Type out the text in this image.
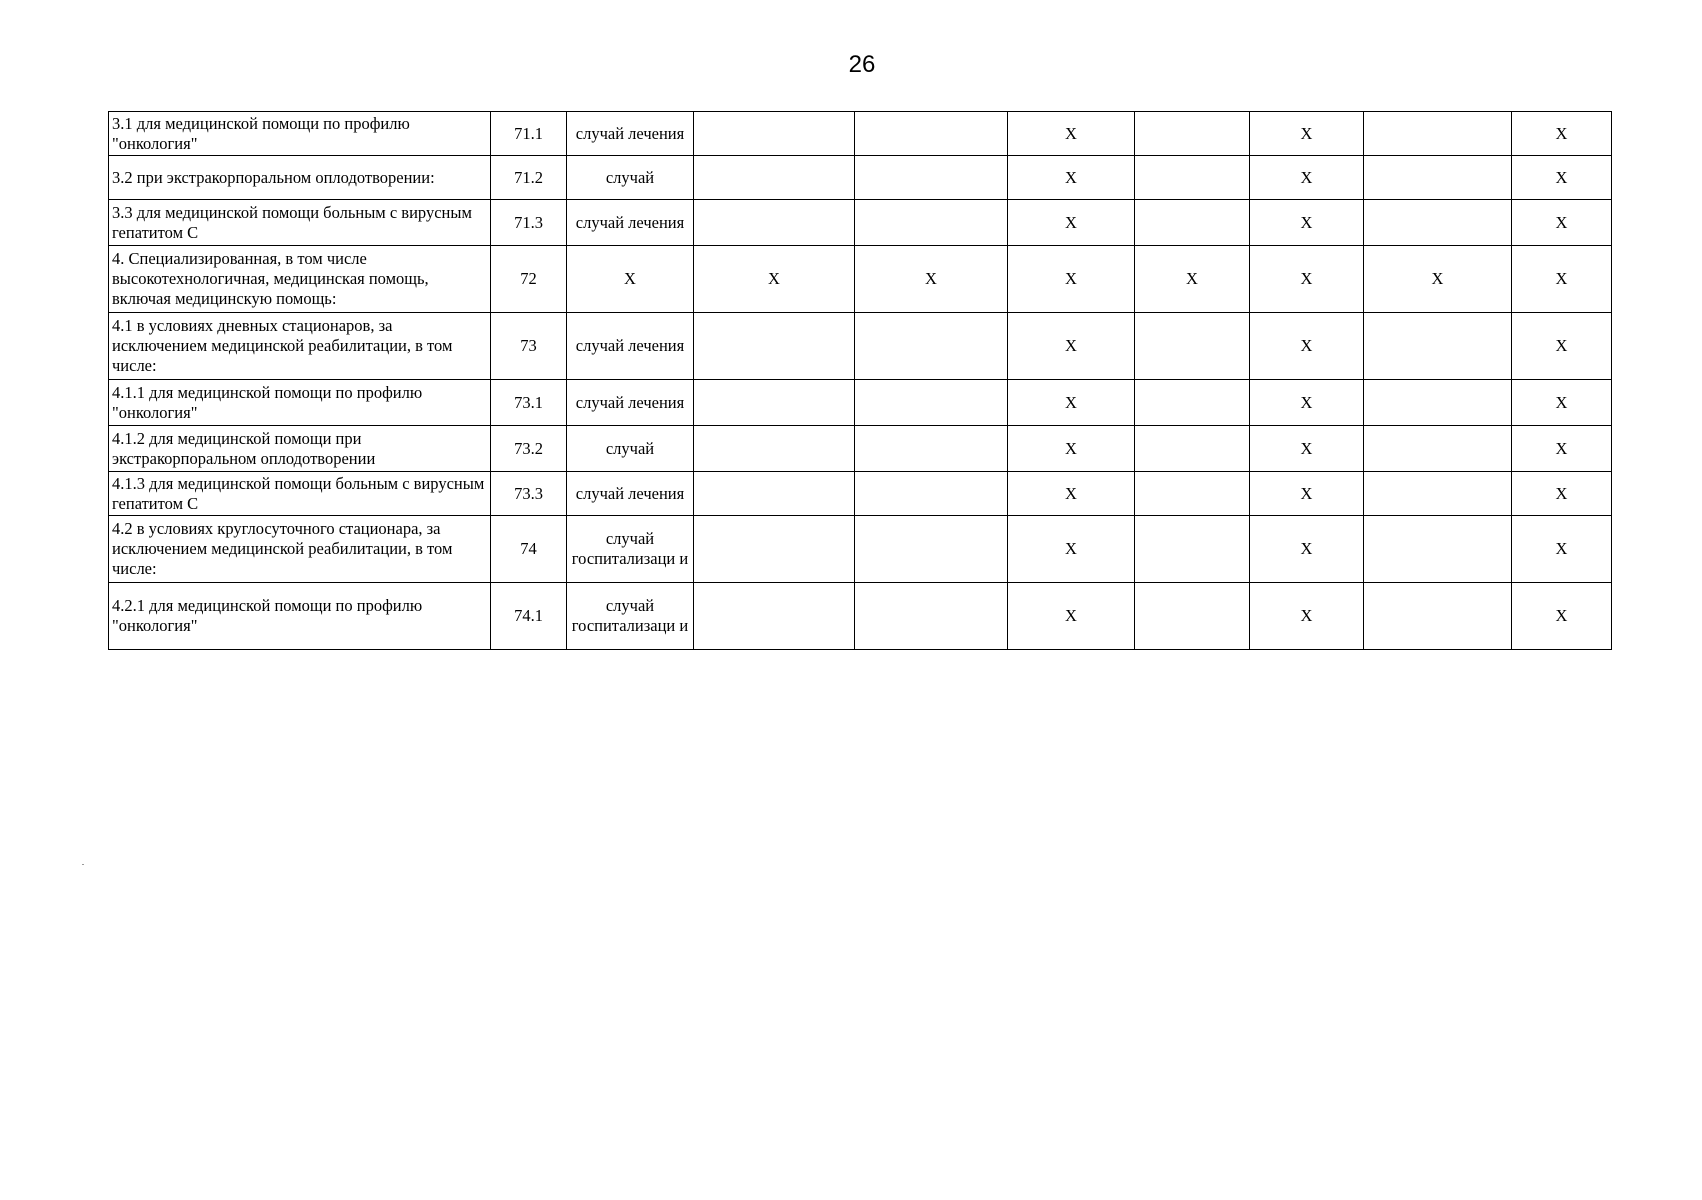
26
3.1 для медицинской помощи по профилю "онкология"	71.1	случай лечения			X		X		X
3.2 при экстракорпоральном оплодотворении:	71.2	случай			X		X		X
3.3 для медицинской помощи больным с вирусным гепатитом С	71.3	случай лечения			X		X		X
4. Специализированная, в том числе высокотехнологичная, медицинская помощь, включая медицинскую помощь:	72	X	X	X	X	X	X	X	X
4.1 в условиях дневных стационаров, за исключением медицинской реабилитации, в том числе:	73	случай лечения			X		X		X
4.1.1 для медицинской помощи по профилю "онкология"	73.1	случай лечения			X		X		X
4.1.2 для медицинской помощи при экстракорпоральном оплодотворении	73.2	случай			X		X		X
4.1.3 для медицинской помощи больным с вирусным гепатитом С	73.3	случай лечения			X		X		X
4.2 в условиях круглосуточного стационара, за исключением медицинской реабилитации, в том числе:	74	случай госпитализаци и			X		X		X
4.2.1 для медицинской помощи по профилю "онкология"	74.1	случай госпитализаци и			X		X		X
